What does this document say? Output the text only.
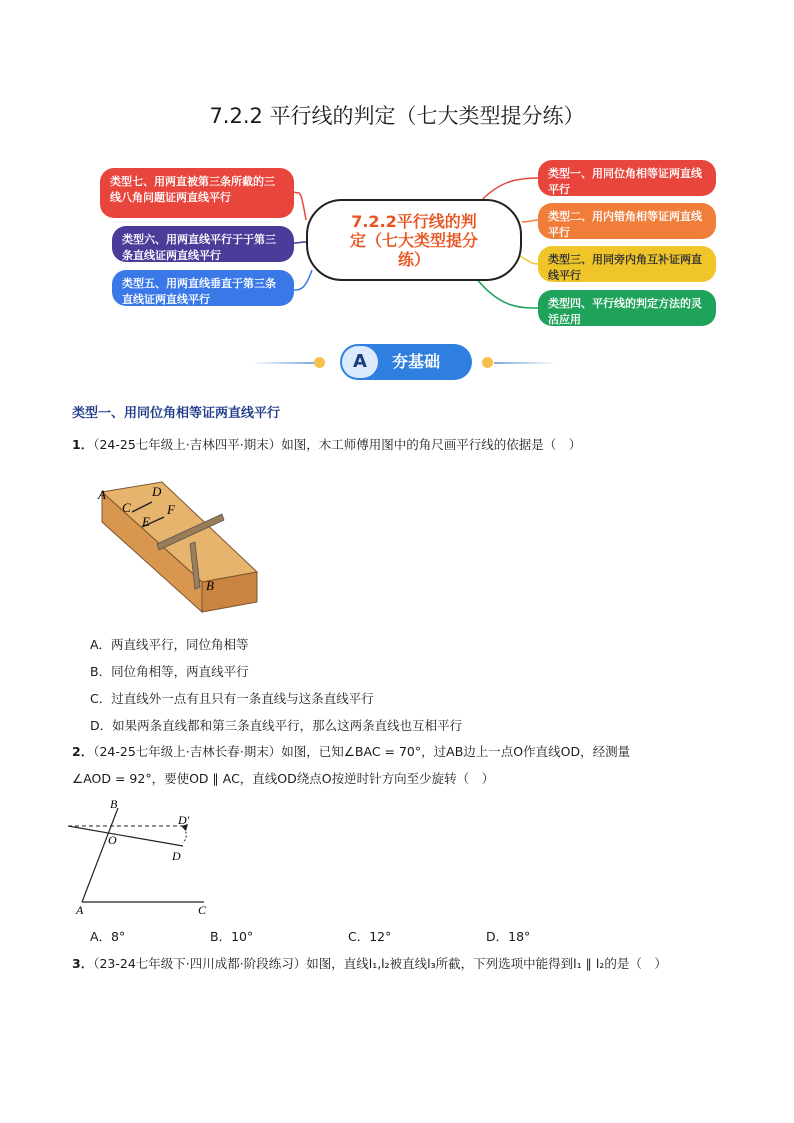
7.2.2 平行线的判定（七大类型提分练）
类型七、用两直被第三条所截的三线八角问题证两直线平行
类型六、用两直线平行于于第三条直线证两直线平行
类型五、用两直线垂直于第三条直线证两直线平行
7.2.2平行线的判
定（七大类型提分
练）
类型一、用同位角相等证两直线平行
类型二、用内错角相等证两直线平行
类型三、用同旁内角互补证两直线平行
类型四、平行线的判定方法的灵活应用
A	夯基础
类型一、用同位角相等证两直线平行
1．（24-25七年级上·吉林四平·期末）如图，木工师傅用图中的角尺画平行线的依据是（　）
A	D
C	F
E
B
A．两直线平行，同位角相等
B．同位角相等，两直线平行
C．过直线外一点有且只有一条直线与这条直线平行
D．如果两条直线都和第三条直线平行，那么这两条直线也互相平行
2．（24-25七年级上·吉林长春·期末）如图，已知∠BAC = 70°，过AB边上一点O作直线OD，经测量
∠AOD = 92°，要使OD ∥ AC，直线OD绕点O按逆时针方向至少旋转（　）
B
O
D′
D
A	C
A．8°	B．10°	C．12°	D．18°
3．（23-24七年级下·四川成都·阶段练习）如图，直线l₁,l₂被直线l₃所截，下列选项中能得到l₁ ∥ l₂的是（　）
